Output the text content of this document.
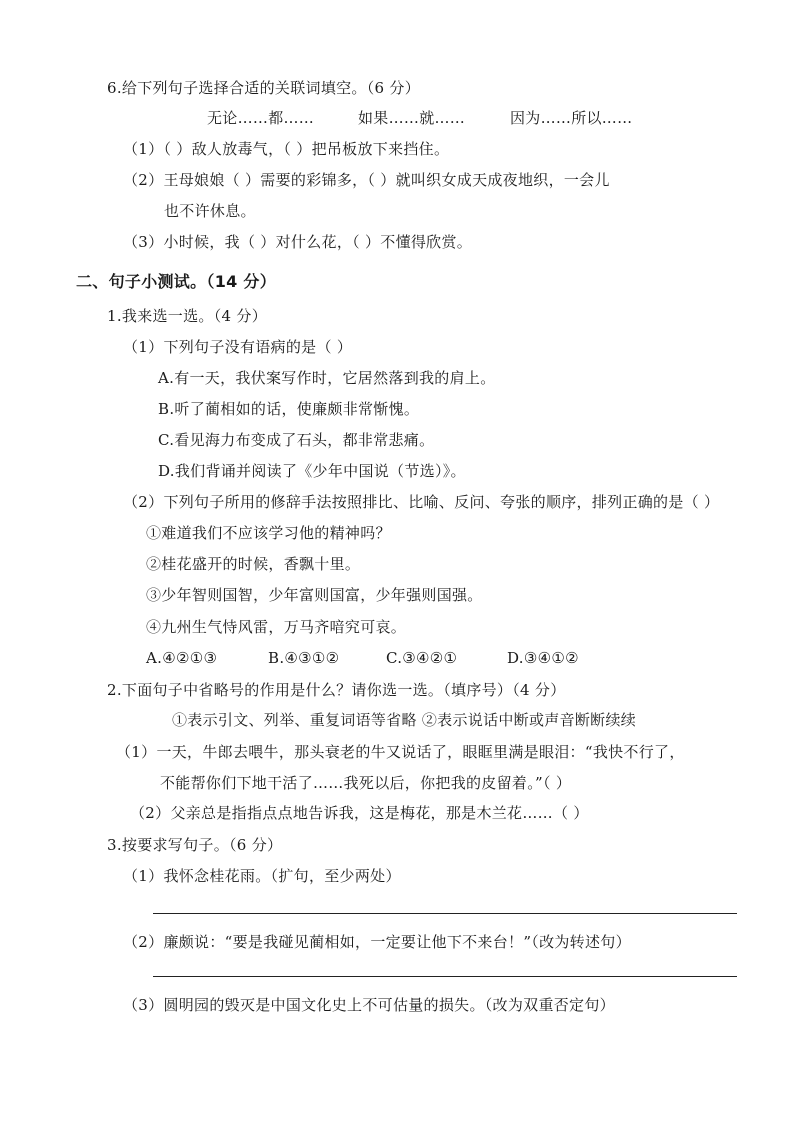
6.给下列句子选择合适的关联词填空。（6 分）
无论……都……	如果……就……	因为……所以……
（1）（ ）敌人放毒气，（ ）把吊板放下来挡住。
（2）王母娘娘（ ）需要的彩锦多，（ ）就叫织女成天成夜地织，一会儿
也不许休息。
（3）小时候，我（ ）对什么花，（ ）不懂得欣赏。
二、句子小测试。（14 分）
1.我来选一选。（4 分）
（1）下列句子没有语病的是（ ）
A.有一天，我伏案写作时，它居然落到我的肩上。
B.听了蔺相如的话，使廉颇非常惭愧。
C.看见海力布变成了石头，都非常悲痛。
D.我们背诵并阅读了《少年中国说（节选）》。
（2）下列句子所用的修辞手法按照排比、比喻、反问、夸张的顺序，排列正确的是（ ）
①难道我们不应该学习他的精神吗？
②桂花盛开的时候，香飘十里。
③少年智则国智，少年富则国富，少年强则国强。
④九州生气恃风雷，万马齐喑究可哀。
A.④②①③	B.④③①②	C.③④②①	D.③④①②
2.下面句子中省略号的作用是什么？请你选一选。（填序号）（4 分）
①表示引文、列举、重复词语等省略 ②表示说话中断或声音断断续续
（1）一天，牛郎去喂牛，那头衰老的牛又说话了，眼眶里满是眼泪：“我快不行了，
不能帮你们下地干活了……我死以后，你把我的皮留着。”（ ）
（2）父亲总是指指点点地告诉我，这是梅花，那是木兰花……（ ）
3.按要求写句子。（6 分）
（1）我怀念桂花雨。（扩句，至少两处）
（2）廉颇说：“要是我碰见蔺相如，一定要让他下不来台！”（改为转述句）
（3）圆明园的毁灭是中国文化史上不可估量的损失。（改为双重否定句）
